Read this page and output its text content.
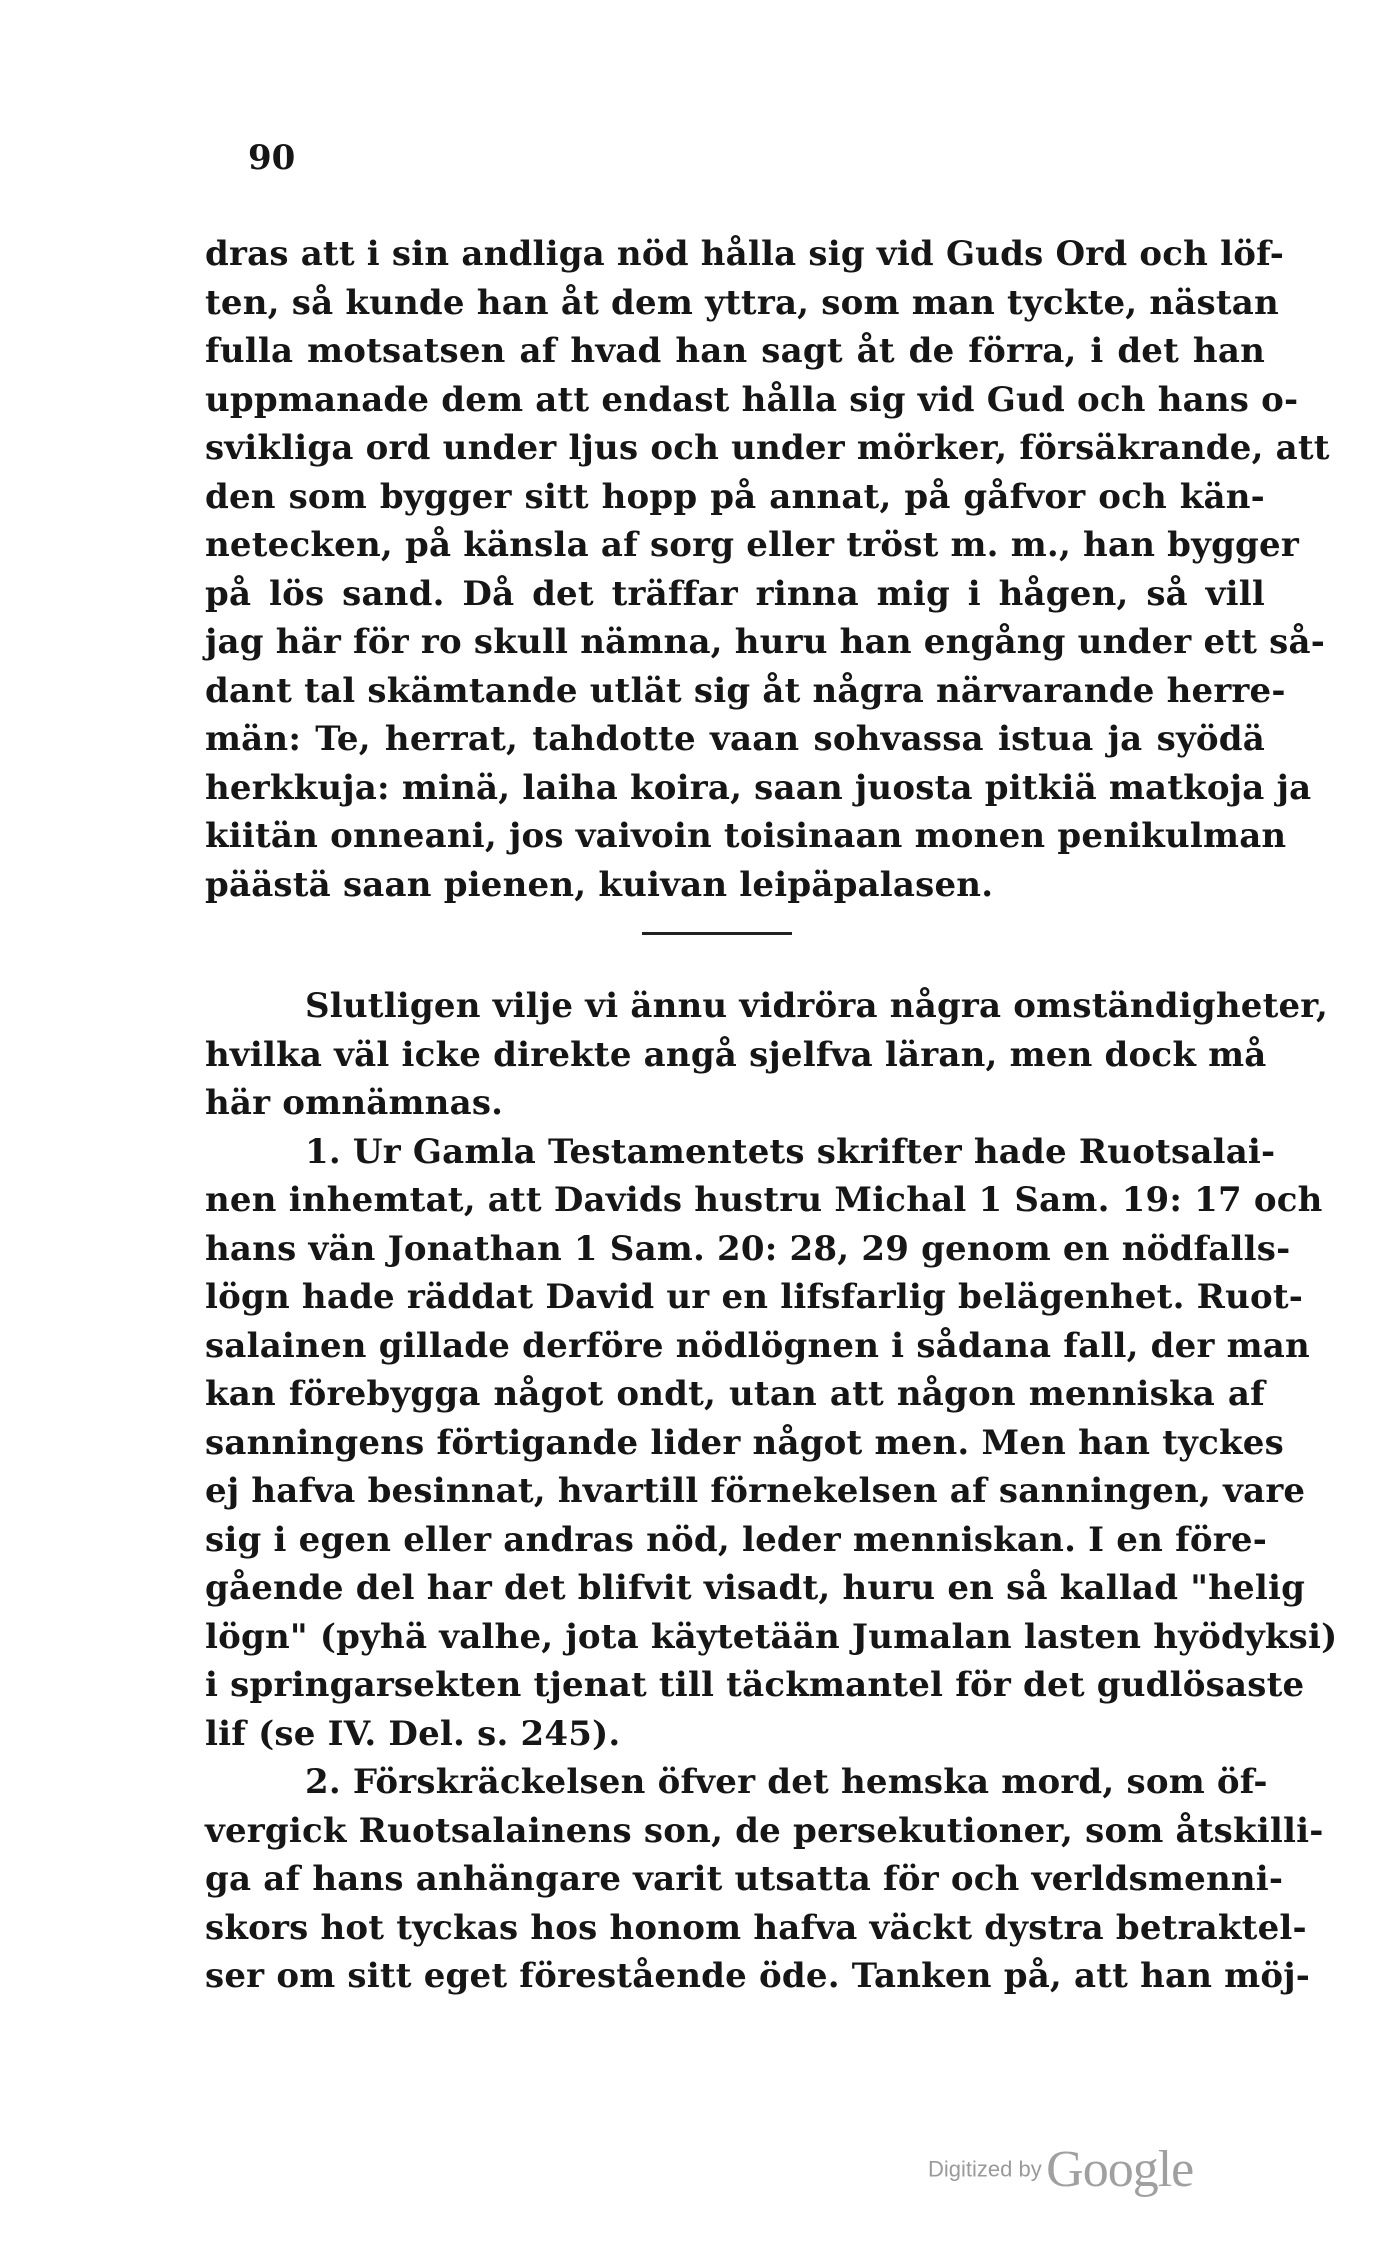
90
dras att i sin andliga nöd hålla sig vid Guds Ord och löf-
ten, så kunde han åt dem yttra, som man tyckte, nästan
fulla motsatsen af hvad han sagt åt de förra, i det han
uppmanade dem att endast hålla sig vid Gud och hans o-
svikliga ord under ljus och under mörker, försäkrande, att
den som bygger sitt hopp på annat, på gåfvor och kän-
netecken, på känsla af sorg eller tröst m. m., han bygger
på lös sand. Då det träffar rinna mig i hågen, så vill
jag här för ro skull nämna, huru han engång under ett så-
dant tal skämtande utlät sig åt några närvarande herre-
män: Te, herrat, tahdotte vaan sohvassa istua ja syödä
herkkuja: minä, laiha koira, saan juosta pitkiä matkoja ja
kiitän onneani, jos vaivoin toisinaan monen penikulman
päästä saan pienen, kuivan leipäpalasen.
Slutligen vilje vi ännu vidröra några omständigheter,
hvilka väl icke direkte angå sjelfva läran, men dock må
här omnämnas.
1. Ur Gamla Testamentets skrifter hade Ruotsalai-
nen inhemtat, att Davids hustru Michal 1 Sam. 19: 17 och
hans vän Jonathan 1 Sam. 20: 28, 29 genom en nödfalls-
lögn hade räddat David ur en lifsfarlig belägenhet. Ruot-
salainen gillade derföre nödlögnen i sådana fall, der man
kan förebygga något ondt, utan att någon menniska af
sanningens förtigande lider något men. Men han tyckes
ej hafva besinnat, hvartill förnekelsen af sanningen, vare
sig i egen eller andras nöd, leder menniskan. I en före-
gående del har det blifvit visadt, huru en så kallad "helig
lögn" (pyhä valhe, jota käytetään Jumalan lasten hyödyksi)
i springarsekten tjenat till täckmantel för det gudlösaste
lif (se IV. Del. s. 245).
2. Förskräckelsen öfver det hemska mord, som öf-
vergick Ruotsalainens son, de persekutioner, som åtskilli-
ga af hans anhängare varit utsatta för och verldsmenni-
skors hot tyckas hos honom hafva väckt dystra betraktel-
ser om sitt eget förestående öde. Tanken på, att han möj-
Digitized by Google
